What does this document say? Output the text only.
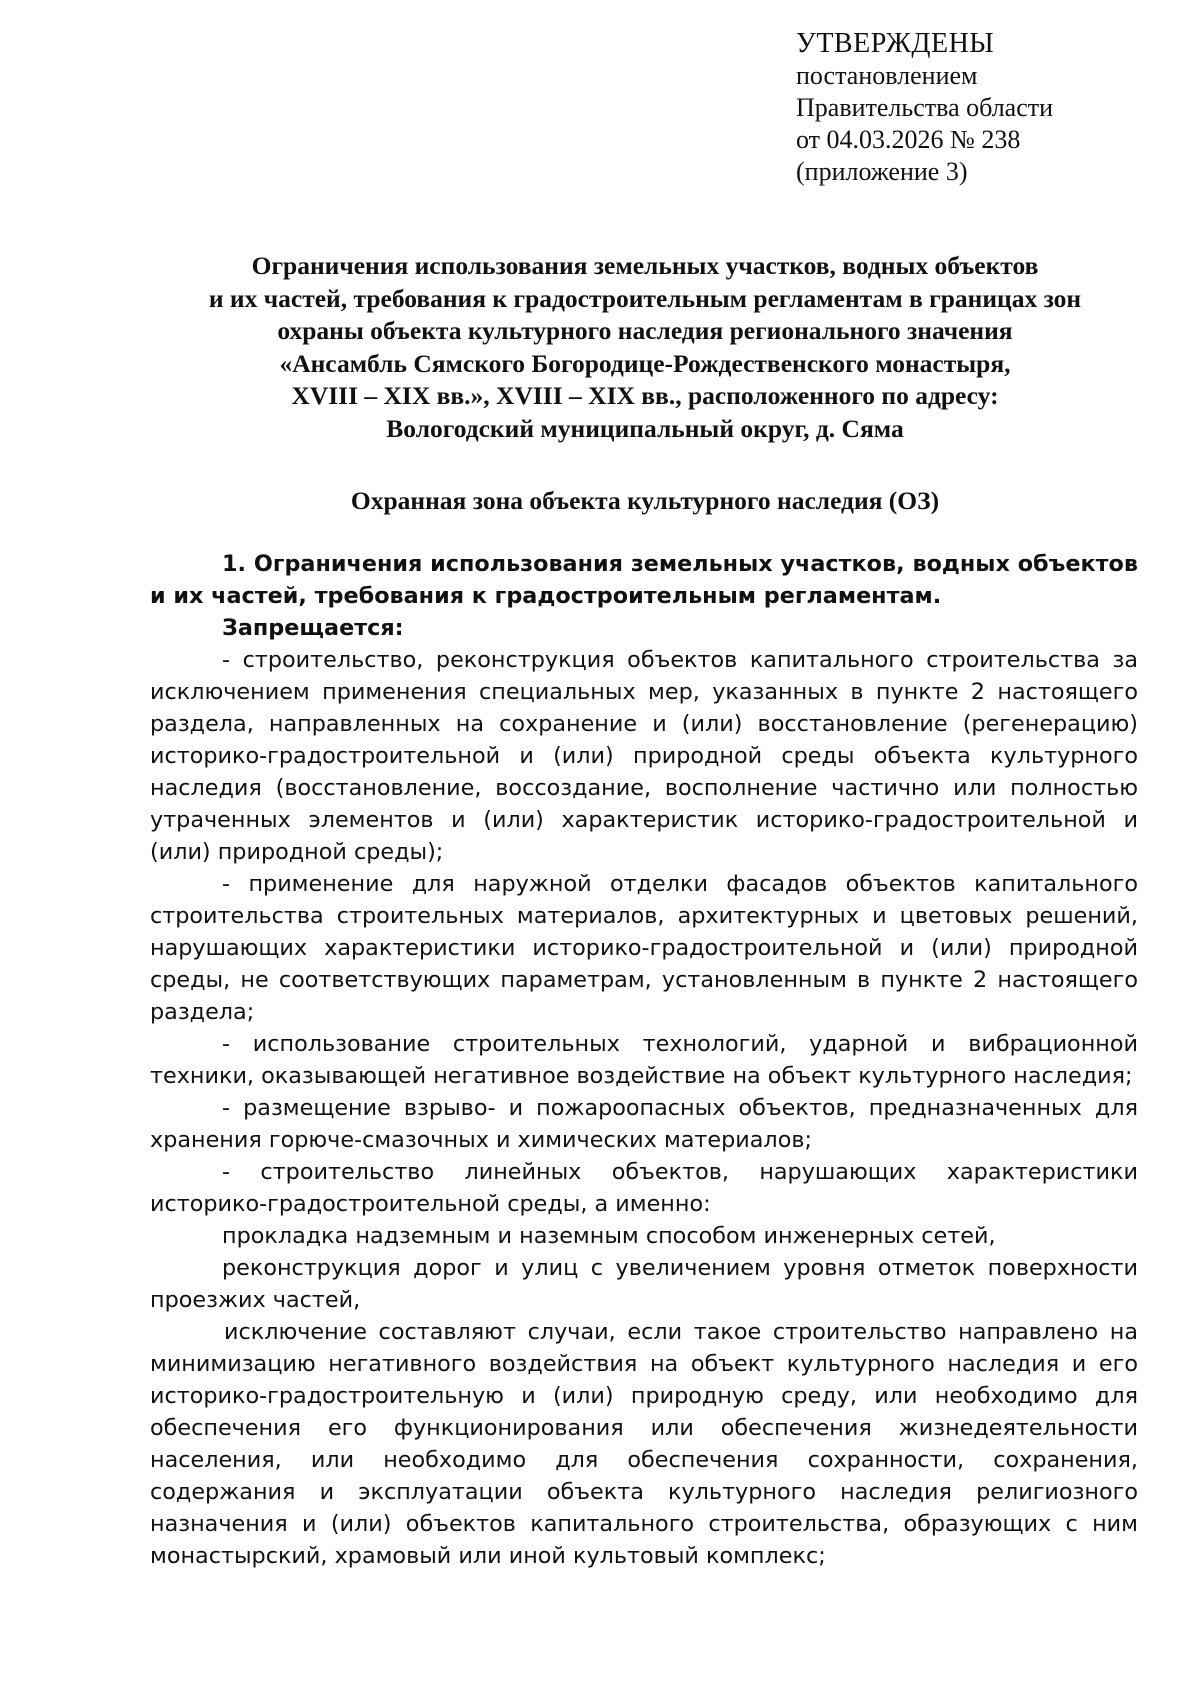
УТВЕРЖДЕНЫ
постановлением
Правительства области
от 04.03.2026 № 238
(приложение 3)
Ограничения использования земельных участков, водных объектов
и их частей, требования к градостроительным регламентам в границах зон
охраны объекта культурного наследия регионального значения
«Ансамбль Сямского Богородице-Рождественского монастыря,
XVIII – XIX вв.», XVIII – XIX вв., расположенного по адресу:
Вологодский муниципальный округ, д. Сяма
Охранная зона объекта культурного наследия (ОЗ)

1. Ограничения использования земельных участков, водных объектов и их частей, требования к градостроительным регламентам.

Запрещается:

- строительство, реконструкция объектов капитального строительства за исключением применения специальных мер, указанных в пункте 2 настоящего раздела, направленных на сохранение и (или) восстановление (регенерацию) историко-градостроительной и (или) природной среды объекта культурного наследия (восстановление, воссоздание, восполнение частично или полностью утраченных элементов и (или) характеристик историко-градостроительной и (или) природной среды);

- применение для наружной отделки фасадов объектов капитального строительства строительных материалов, архитектурных и цветовых решений, нарушающих характеристики историко-градостроительной и (или) природной среды, не соответствующих параметрам, установленным в пункте 2 настоящего раздела;

- использование строительных технологий, ударной и вибрационной техники, оказывающей негативное воздействие на объект культурного наследия;

- размещение взрыво- и пожароопасных объектов, предназначенных для хранения горюче-смазочных и химических материалов;

- строительство линейных объектов, нарушающих характеристики историко-градостроительной среды, а именно:

прокладка надземным и наземным способом инженерных сетей,

реконструкция дорог и улиц с увеличением уровня отметок поверхности проезжих частей,

исключение составляют случаи, если такое строительство направлено на минимизацию негативного воздействия на объект культурного наследия и его историко-градостроительную и (или) природную среду, или необходимо для обеспечения его функционирования или обеспечения жизнедеятельности населения, или необходимо для обеспечения сохранности, сохранения, содержания и эксплуатации объекта культурного наследия религиозного назначения и (или) объектов капитального строительства, образующих с ним монастырский, храмовый или иной культовый комплекс;
